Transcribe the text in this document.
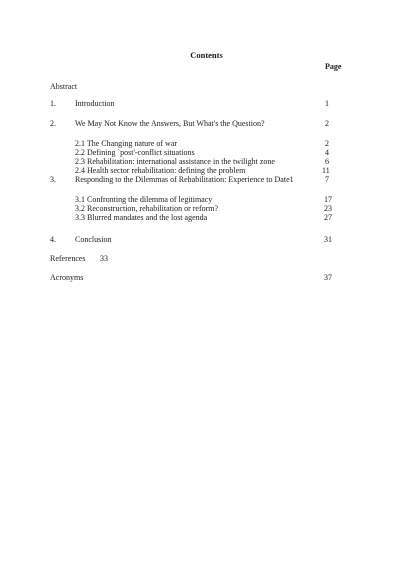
Contents
Page
Abstract
1. Introduction	1
2. We May Not Know the Answers, But What's the Question?	2
2.1 The Changing nature of war	2
2.2 Defining `post'-conflict situations	4
2.3 Rehabilitation: international assistance in the twilight zone	6
2.4 Health sector rehabilitation: defining the problem	11
3. Responding to the Dilemmas of Rehabilitation: Experience to Date1	7
3.1 Confronting the dilemma of legitimacy	17
3.2 Reconstruction, rehabilitation or reform?	23
3.3 Blurred mandates and the lost agenda	27
4. Conclusion	31
References 33
Acronyms	37
